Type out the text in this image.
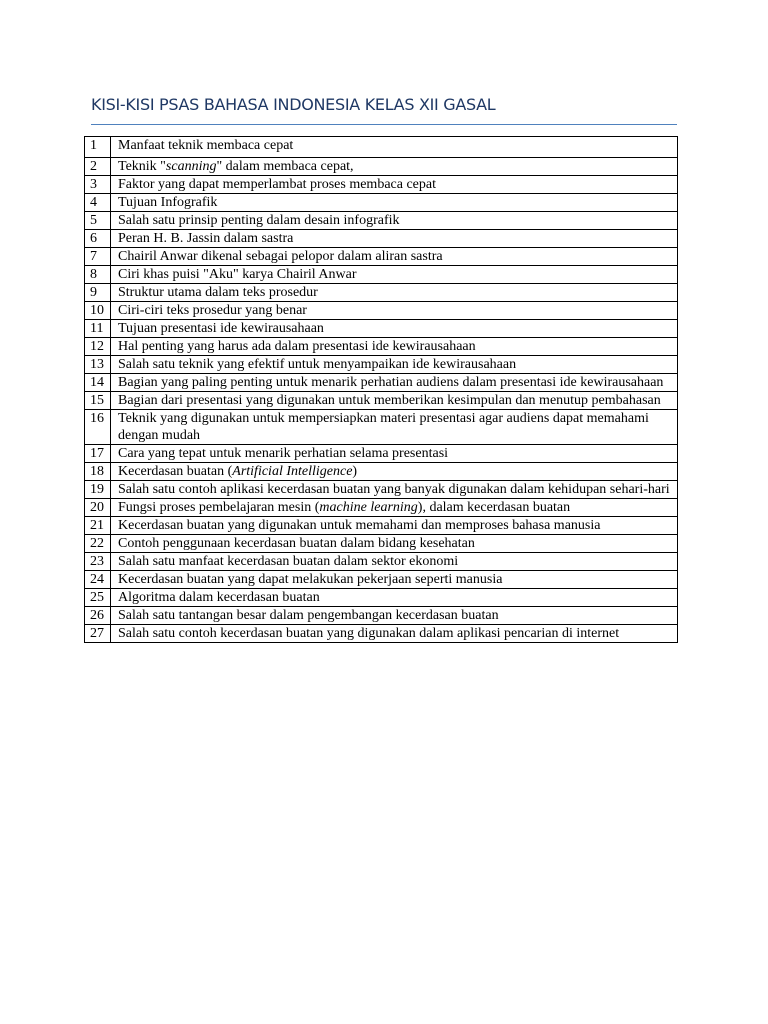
KISI-KISI PSAS BAHASA INDONESIA KELAS XII GASAL
1	Manfaat teknik membaca cepat
2	Teknik "scanning" dalam membaca cepat,
3	Faktor yang dapat memperlambat proses membaca cepat
4	Tujuan Infografik
5	Salah satu prinsip penting dalam desain infografik
6	Peran H. B. Jassin dalam sastra
7	Chairil Anwar dikenal sebagai pelopor dalam aliran sastra
8	Ciri khas puisi "Aku" karya Chairil Anwar
9	Struktur utama dalam teks prosedur
10	Ciri-ciri teks prosedur yang benar
11	Tujuan presentasi ide kewirausahaan
12	Hal penting yang harus ada dalam presentasi ide kewirausahaan
13	Salah satu teknik yang efektif untuk menyampaikan ide kewirausahaan
14	Bagian yang paling penting untuk menarik perhatian audiens dalam presentasi ide kewirausahaan
15	Bagian dari presentasi yang digunakan untuk memberikan kesimpulan dan menutup pembahasan
16	Teknik yang digunakan untuk mempersiapkan materi presentasi agar audiens dapat memahami dengan mudah
17	Cara yang tepat untuk menarik perhatian selama presentasi
18	Kecerdasan buatan (Artificial Intelligence)
19	Salah satu contoh aplikasi kecerdasan buatan yang banyak digunakan dalam kehidupan sehari-hari
20	Fungsi proses pembelajaran mesin (machine learning), dalam kecerdasan buatan
21	Kecerdasan buatan yang digunakan untuk memahami dan memproses bahasa manusia
22	Contoh penggunaan kecerdasan buatan dalam bidang kesehatan
23	Salah satu manfaat kecerdasan buatan dalam sektor ekonomi
24	Kecerdasan buatan yang dapat melakukan pekerjaan seperti manusia
25	Algoritma dalam kecerdasan buatan
26	Salah satu tantangan besar dalam pengembangan kecerdasan buatan
27	Salah satu contoh kecerdasan buatan yang digunakan dalam aplikasi pencarian di internet
